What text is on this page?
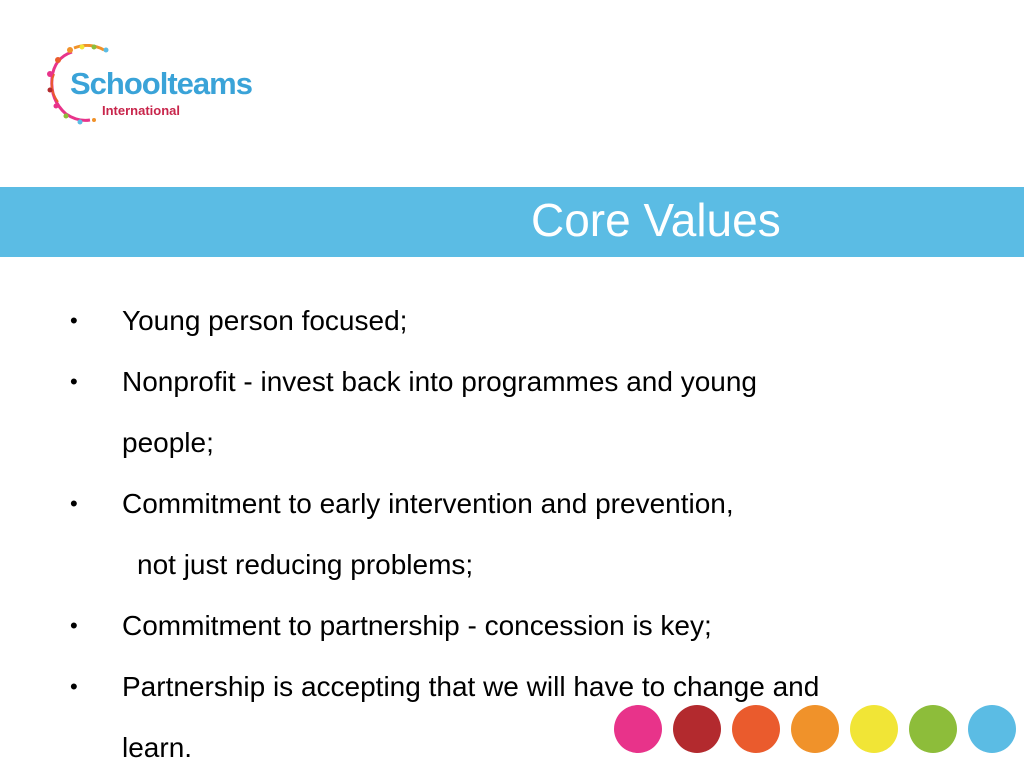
Schoolteams
International
Core Values
• Young person focused;
• Nonprofit - invest back into programmes and young
people;
• Commitment to early intervention and prevention,
not just reducing problems;
• Commitment to partnership - concession is key;
• Partnership is accepting that we will have to change and
learn.
